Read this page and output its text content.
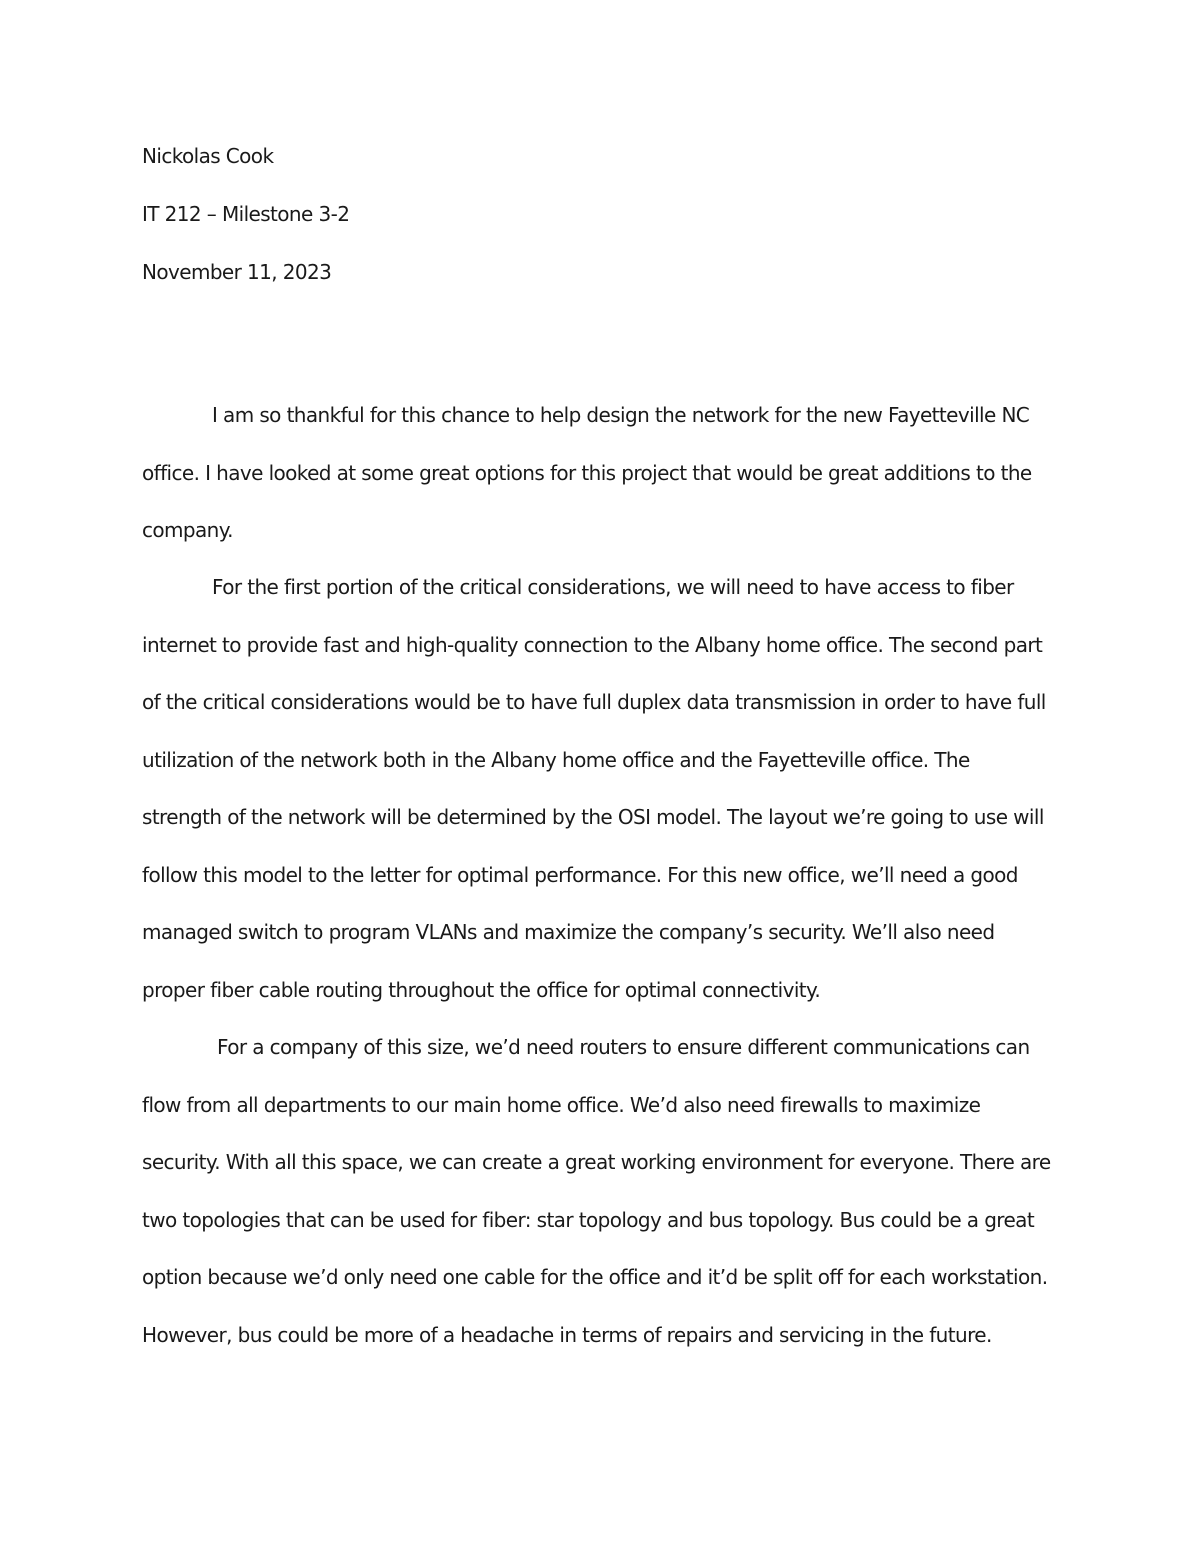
Nickolas Cook
IT 212 – Milestone 3-2
November 11, 2023
I am so thankful for this chance to help design the network for the new Fayetteville NC
office. I have looked at some great options for this project that would be great additions to the
company.
For the first portion of the critical considerations, we will need to have access to fiber
internet to provide fast and high-quality connection to the Albany home office. The second part
of the critical considerations would be to have full duplex data transmission in order to have full
utilization of the network both in the Albany home office and the Fayetteville office. The
strength of the network will be determined by the OSI model. The layout we’re going to use will
follow this model to the letter for optimal performance. For this new office, we’ll need a good
managed switch to program VLANs and maximize the company’s security. We’ll also need
proper fiber cable routing throughout the office for optimal connectivity.
For a company of this size, we’d need routers to ensure different communications can
flow from all departments to our main home office. We’d also need firewalls to maximize
security. With all this space, we can create a great working environment for everyone. There are
two topologies that can be used for fiber: star topology and bus topology. Bus could be a great
option because we’d only need one cable for the office and it’d be split off for each workstation.
However, bus could be more of a headache in terms of repairs and servicing in the future.
